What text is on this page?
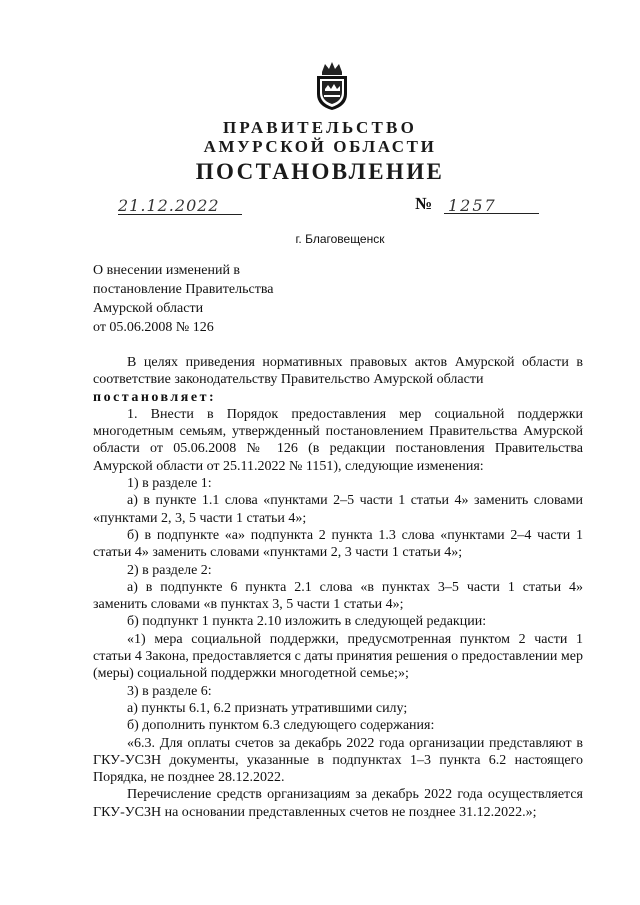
ПРАВИТЕЛЬСТВО
АМУРСКОЙ ОБЛАСТИ
ПОСТАНОВЛЕНИЕ
21.12.2022	№ 1257
г. Благовещенск
О внесении изменений в
постановление Правительства
Амурской области
от 05.06.2008 № 126

В целях приведения нормативных правовых актов Амурской области в соответствие законодательству Правительство Амурской области

постановляет:

1. Внести в Порядок предоставления мер социальной поддержки многодетным семьям, утвержденный постановлением Правительства Амурской области от 05.06.2008 № 126 (в редакции постановления Правительства Амурской области от 25.11.2022 № 1151), следующие изменения:

1) в разделе 1:

а) в пункте 1.1 слова «пунктами 2–5 части 1 статьи 4» заменить словами «пунктами 2, 3, 5 части 1 статьи 4»;

б) в подпункте «а» подпункта 2 пункта 1.3 слова «пунктами 2–4 части 1 статьи 4» заменить словами «пунктами 2, 3 части 1 статьи 4»;

2) в разделе 2:

а) в подпункте 6 пункта 2.1 слова «в пунктах 3–5 части 1 статьи 4» заменить словами «в пунктах 3, 5 части 1 статьи 4»;

б) подпункт 1 пункта 2.10 изложить в следующей редакции:

«1) мера социальной поддержки, предусмотренная пунктом 2 части 1 статьи 4 Закона, предоставляется с даты принятия решения о предоставлении мер (меры) социальной поддержки многодетной семье;»;

3) в разделе 6:

а) пункты 6.1, 6.2 признать утратившими силу;

б) дополнить пунктом 6.3 следующего содержания:

«6.3. Для оплаты счетов за декабрь 2022 года организации представляют в ГКУ-УСЗН документы, указанные в подпунктах 1–3 пункта 6.2 настоящего Порядка, не позднее 28.12.2022.

Перечисление средств организациям за декабрь 2022 года осуществляется ГКУ-УСЗН на основании представленных счетов не позднее 31.12.2022.»;
